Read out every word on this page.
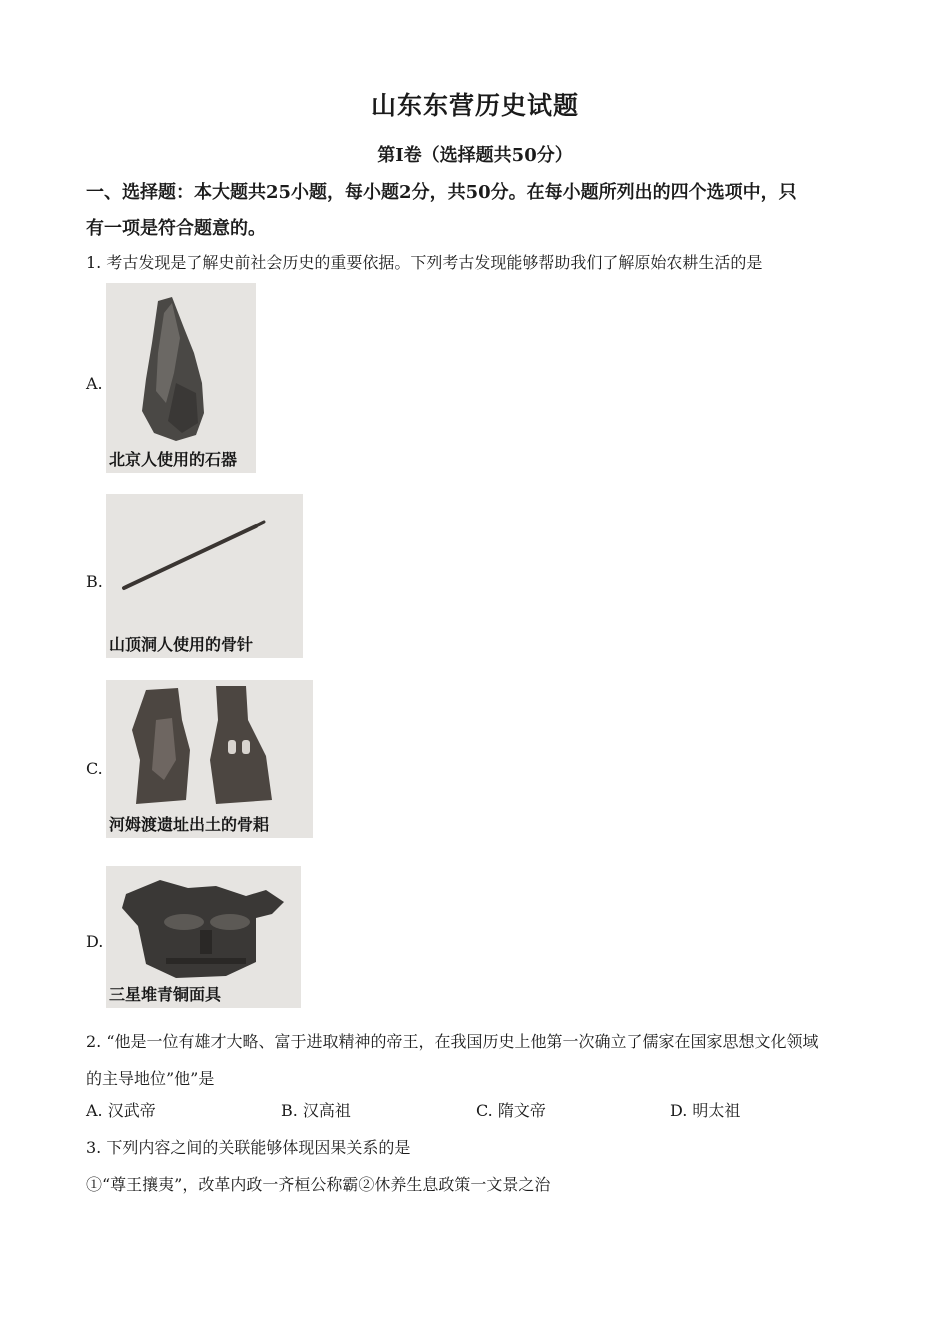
山东东营历史试题
第Ⅰ卷（选择题共50分）
一、选择题：本大题共25小题，每小题2分，共50分。在每小题所列出的四个选项中，只
有一项是符合题意的。
1. 考古发现是了解史前社会历史的重要依据。下列考古发现能够帮助我们了解原始农耕生活的是
A.
北京人使用的石器
B.
山顶洞人使用的骨针
C.
河姆渡遗址出土的骨耜
D.
三星堆青铜面具
2. “他是一位有雄才大略、富于进取精神的帝王，在我国历史上他第一次确立了儒家在国家思想文化领域
的主导地位”他”是
A. 汉武帝	B. 汉高祖	C. 隋文帝	D. 明太祖
3. 下列内容之间的关联能够体现因果关系的是
①“尊王攘夷”，改革内政一齐桓公称霸②休养生息政策一文景之治
